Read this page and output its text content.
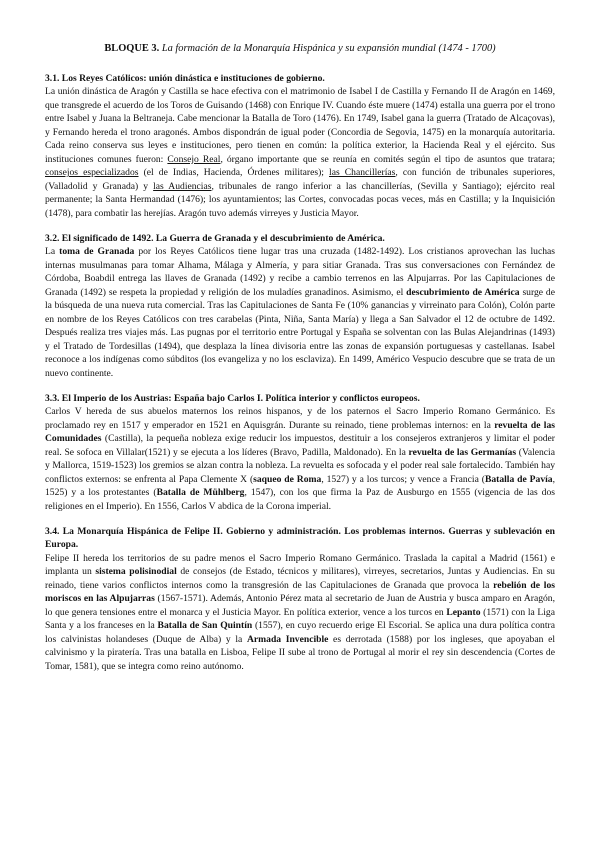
BLOQUE 3. La formación de la Monarquía Hispánica y su expansión mundial (1474 - 1700)

3.1. Los Reyes Católicos: unión dinástica e instituciones de gobierno.

La unión dinástica de Aragón y Castilla se hace efectiva con el matrimonio de Isabel I de Castilla y Fernando II de Aragón en 1469, que transgrede el acuerdo de los Toros de Guisando (1468) con Enrique IV. Cuando éste muere (1474) estalla una guerra por el trono entre Isabel y Juana la Beltraneja. Cabe mencionar la Batalla de Toro (1476). En 1749, Isabel gana la guerra (Tratado de Alcaçovas), y Fernando hereda el trono aragonés. Ambos dispondrán de igual poder (Concordia de Segovia, 1475) en la monarquía autoritaria. Cada reino conserva sus leyes e instituciones, pero tienen en común: la política exterior, la Hacienda Real y el ejército. Sus instituciones comunes fueron: Consejo Real, órgano importante que se reunía en comités según el tipo de asuntos que tratara; consejos especializados (el de Indias, Hacienda, Órdenes militares); las Chancillerías, con función de tribunales superiores, (Valladolid y Granada) y las Audiencias, tribunales de rango inferior a las chancillerías, (Sevilla y Santiago); ejército real permanente; la Santa Hermandad (1476); los ayuntamientos; las Cortes, convocadas pocas veces, más en Castilla; y la Inquisición (1478), para combatir las herejías. Aragón tuvo además virreyes y Justicia Mayor.

3.2. El significado de 1492. La Guerra de Granada y el descubrimiento de América.

La toma de Granada por los Reyes Católicos tiene lugar tras una cruzada (1482-1492). Los cristianos aprovechan las luchas internas musulmanas para tomar Alhama, Málaga y Almería, y para sitiar Granada. Tras sus conversaciones con Fernández de Córdoba, Boabdil entrega las llaves de Granada (1492) y recibe a cambio terrenos en las Alpujarras. Por las Capitulaciones de Granada (1492) se respeta la propiedad y religión de los muladíes granadinos. Asimismo, el descubrimiento de América surge de la búsqueda de una nueva ruta comercial. Tras las Capitulaciones de Santa Fe (10% ganancias y virreinato para Colón), Colón parte en nombre de los Reyes Católicos con tres carabelas (Pinta, Niña, Santa María) y llega a San Salvador el 12 de octubre de 1492. Después realiza tres viajes más. Las pugnas por el territorio entre Portugal y España se solventan con las Bulas Alejandrinas (1493) y el Tratado de Tordesillas (1494), que desplaza la línea divisoria entre las zonas de expansión portuguesas y castellanas. Isabel reconoce a los indígenas como súbditos (los evangeliza y no los esclaviza). En 1499, Américo Vespucio descubre que se trata de un nuevo continente.

3.3. El Imperio de los Austrias: España bajo Carlos I. Política interior y conflictos europeos.

Carlos V hereda de sus abuelos maternos los reinos hispanos, y de los paternos el Sacro Imperio Romano Germánico. Es proclamado rey en 1517 y emperador en 1521 en Aquisgrán. Durante su reinado, tiene problemas internos: en la revuelta de las Comunidades (Castilla), la pequeña nobleza exige reducir los impuestos, destituir a los consejeros extranjeros y limitar el poder real. Se sofoca en Villalar(1521) y se ejecuta a los líderes (Bravo, Padilla, Maldonado). En la revuelta de las Germanías (Valencia y Mallorca, 1519-1523) los gremios se alzan contra la nobleza. La revuelta es sofocada y el poder real sale fortalecido. También hay conflictos externos: se enfrenta al Papa Clemente X (saqueo de Roma, 1527) y a los turcos; y vence a Francia (Batalla de Pavía, 1525) y a los protestantes (Batalla de Mühlberg, 1547), con los que firma la Paz de Ausburgo en 1555 (vigencia de las dos religiones en el Imperio). En 1556, Carlos V abdica de la Corona imperial.

3.4. La Monarquía Hispánica de Felipe II. Gobierno y administración. Los problemas internos. Guerras y sublevación en Europa.

Felipe II hereda los territorios de su padre menos el Sacro Imperio Romano Germánico. Traslada la capital a Madrid (1561) e implanta un sistema polisinodial de consejos (de Estado, técnicos y militares), virreyes, secretarios, Juntas y Audiencias. En su reinado, tiene varios conflictos internos como la transgresión de las Capitulaciones de Granada que provoca la rebelión de los moriscos en las Alpujarras (1567-1571). Además, Antonio Pérez mata al secretario de Juan de Austria y busca amparo en Aragón, lo que genera tensiones entre el monarca y el Justicia Mayor. En política exterior, vence a los turcos en Lepanto (1571) con la Liga Santa y a los franceses en la Batalla de San Quintín (1557), en cuyo recuerdo erige El Escorial. Se aplica una dura política contra los calvinistas holandeses (Duque de Alba) y la Armada Invencible es derrotada (1588) por los ingleses, que apoyaban el calvinismo y la piratería. Tras una batalla en Lisboa, Felipe II sube al trono de Portugal al morir el rey sin descendencia (Cortes de Tomar, 1581), que se integra como reino autónomo.
